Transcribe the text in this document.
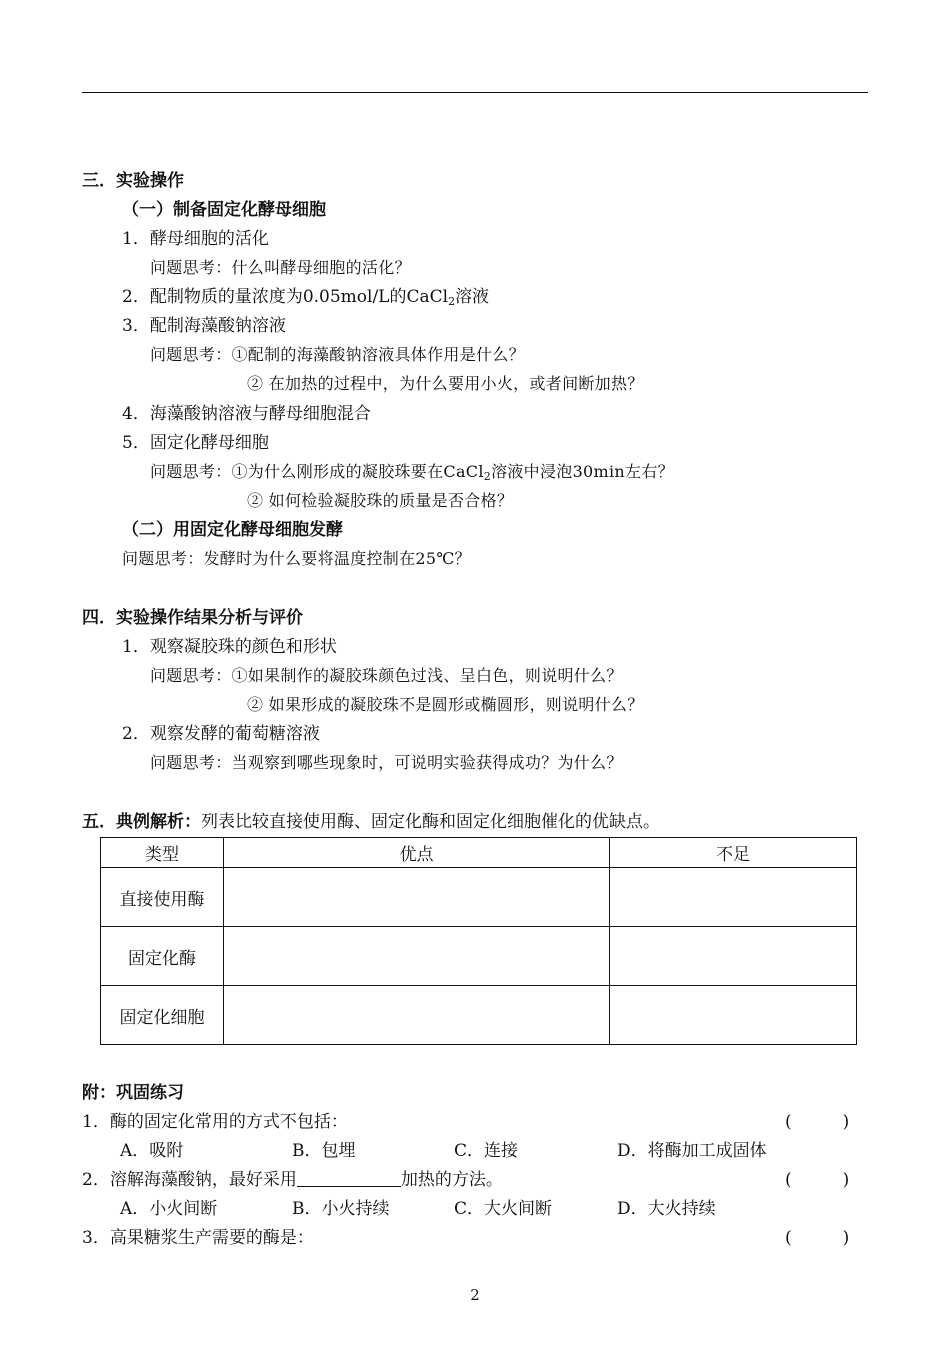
三．实验操作
（一）制备固定化酵母细胞
1．酵母细胞的活化
问题思考：什么叫酵母细胞的活化？
2．配制物质的量浓度为0.05mol/L的CaCl$_2$溶液
3．配制海藻酸钠溶液
问题思考：①配制的海藻酸钠溶液具体作用是什么？
② 在加热的过程中，为什么要用小火，或者间断加热？
4．海藻酸钠溶液与酵母细胞混合
5．固定化酵母细胞
问题思考：①为什么刚形成的凝胶珠要在CaCl$_2$溶液中浸泡30min左右？
② 如何检验凝胶珠的质量是否合格？
（二）用固定化酵母细胞发酵
问题思考：发酵时为什么要将温度控制在25℃？
四．实验操作结果分析与评价
1．观察凝胶珠的颜色和形状
问题思考：①如果制作的凝胶珠颜色过浅、呈白色，则说明什么？
② 如果形成的凝胶珠不是圆形或椭圆形，则说明什么？
2．观察发酵的葡萄糖溶液
问题思考：当观察到哪些现象时，可说明实验获得成功？为什么？
五．典例解析：列表比较直接使用酶、固定化酶和固定化细胞催化的优缺点。
类型	优点	不足
直接使用酶		
固定化酶		
固定化细胞		
附：巩固练习
1．酶的固定化常用的方式不包括：	(　　　)
A．吸附	B．包埋	C．连接	D．将酶加工成固体
2．溶解海藻酸钠，最好采用	加热的方法。	(　　　)
A．小火间断	B．小火持续	C．大火间断	D．大火持续
3．高果糖浆生产需要的酶是：	(　　　)
2
